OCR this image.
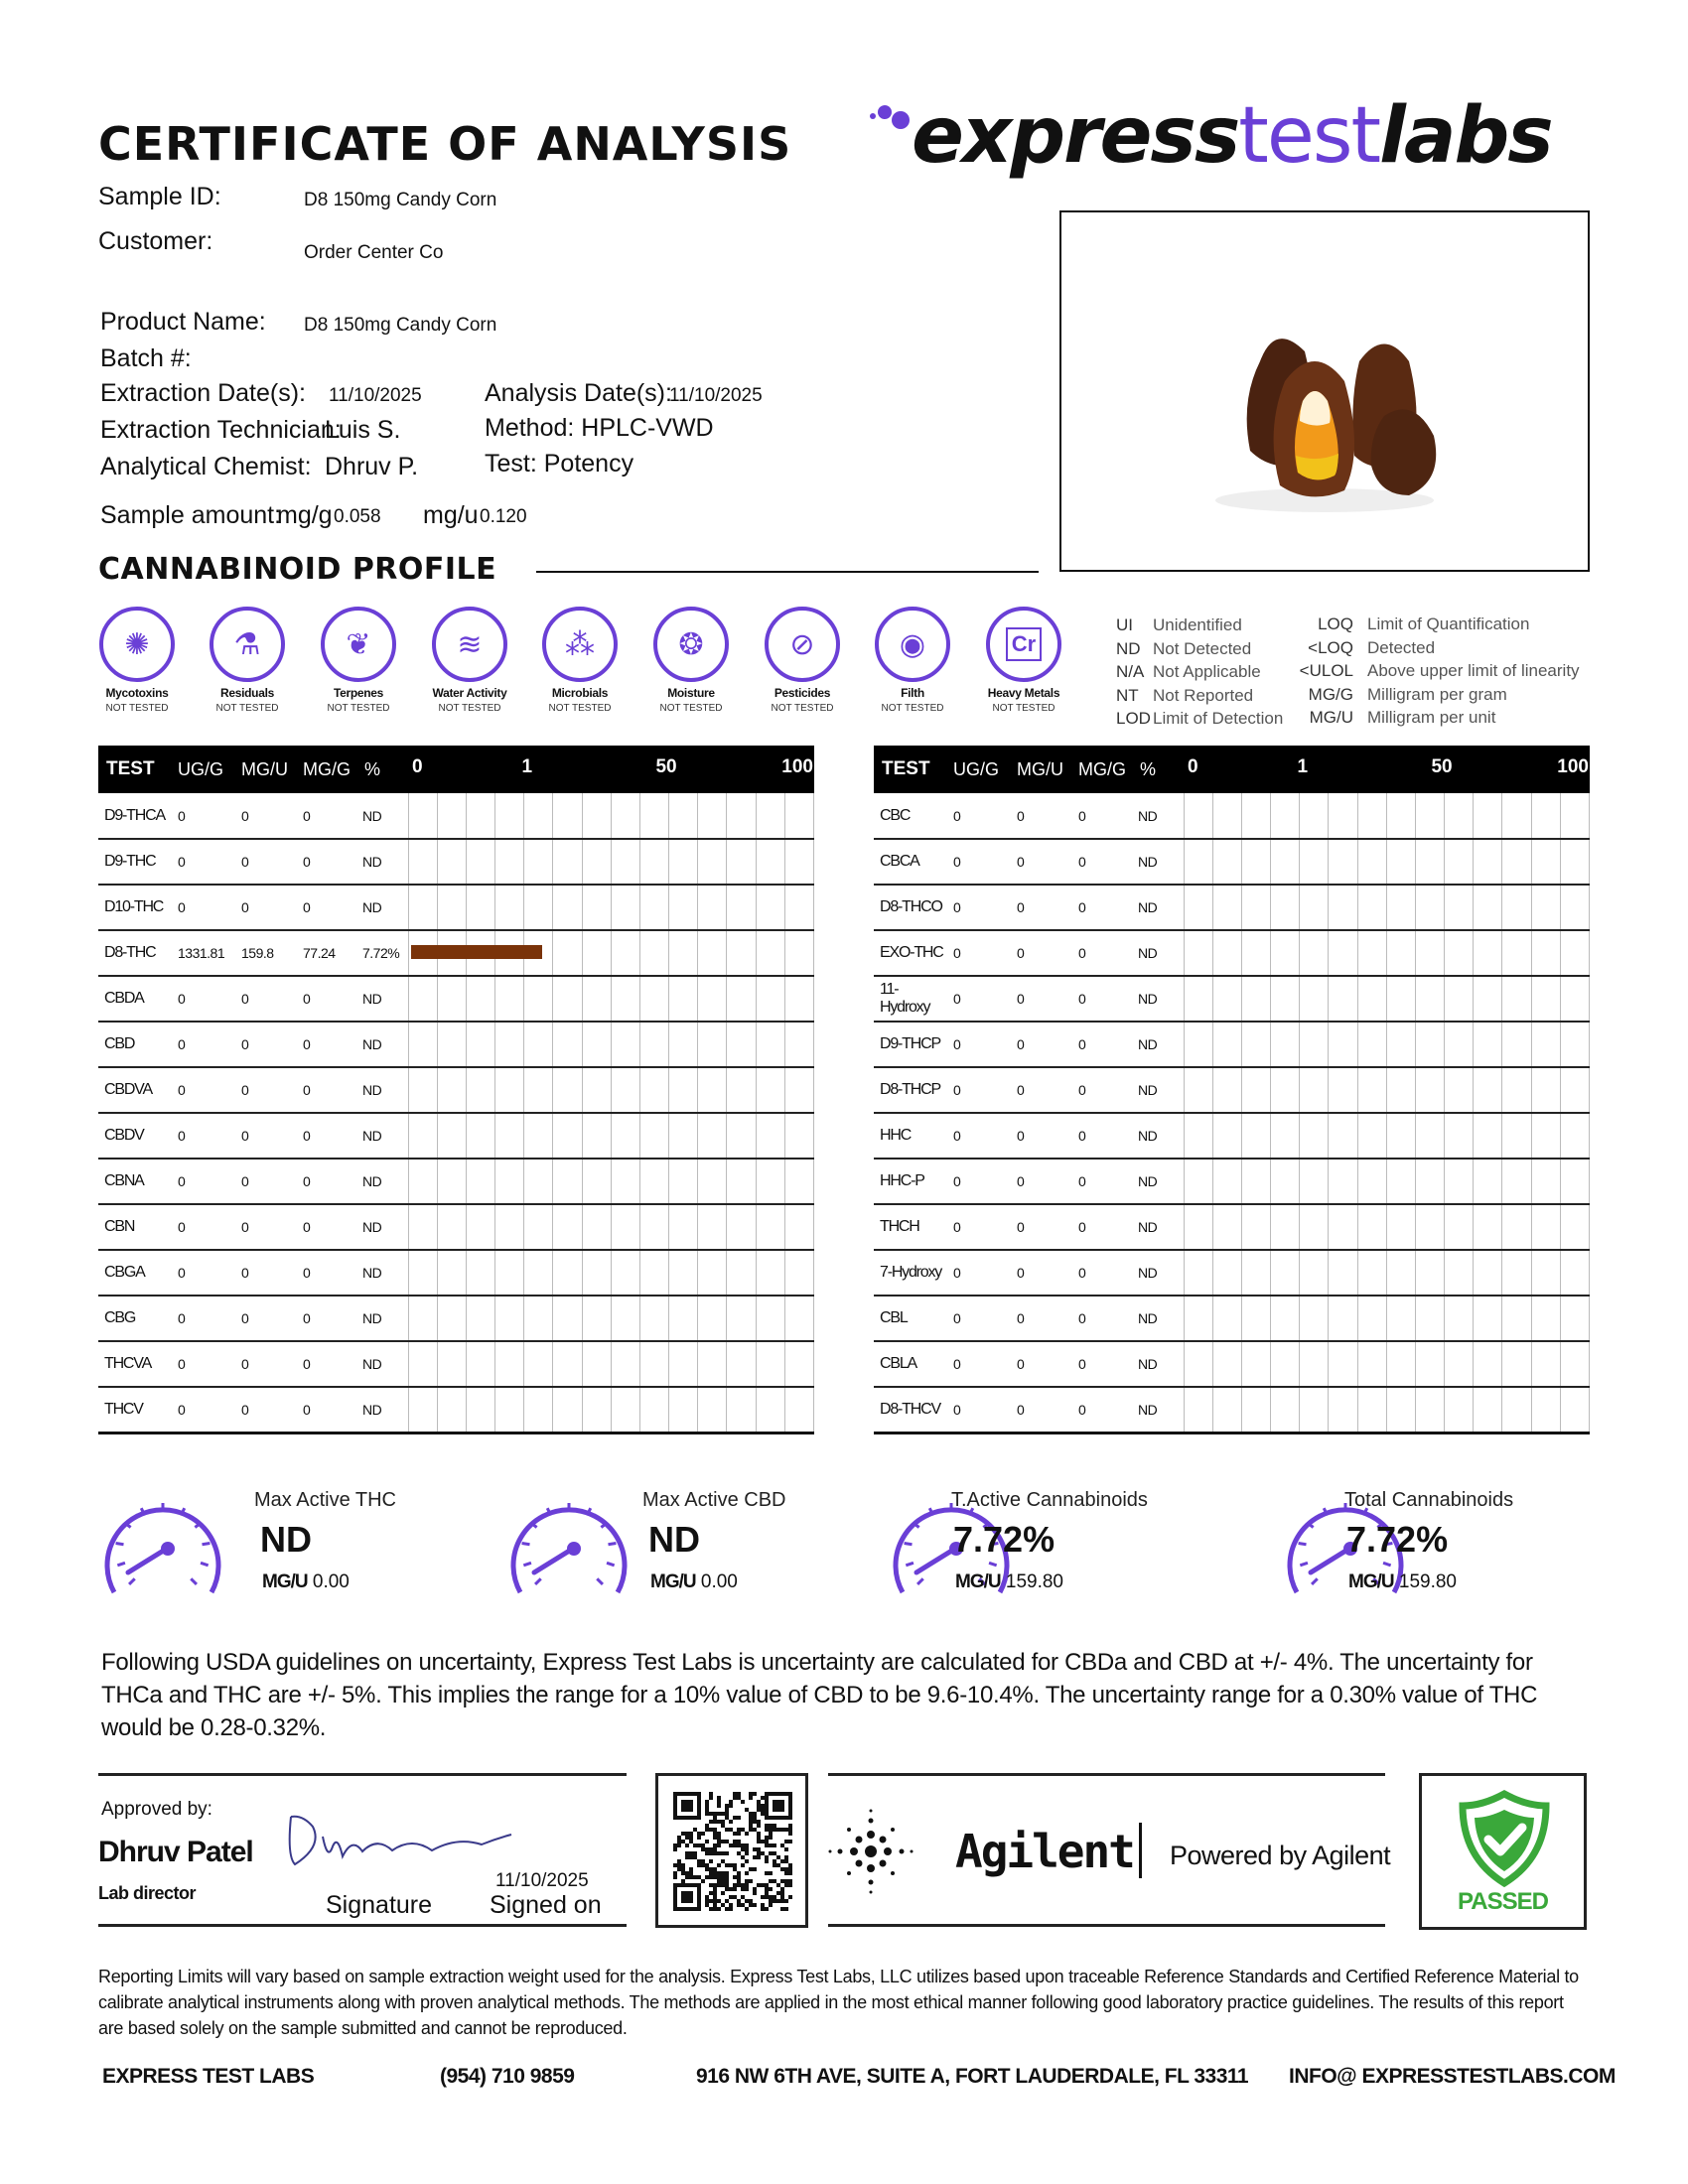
CERTIFICATE OF ANALYSIS expresstestlabs
Sample ID:	D8 150mg Candy Corn
Customer:	Order Center Co
Product Name: D8 150mg Candy Corn
Batch #:
Extraction Date(s): 11/10/2025	Analysis Date(s):
11/10/2025
Extraction Technician:
Luis S.	Method: HPLC-VWD
Analytical Chemist: Dhruv P.	Test: Potency
Sample amount:
mg/g 0.058 mg/u 0.120
CANNABINOID PROFILE
✺
Mycotoxins
NOT TESTED
⚗
Residuals
NOT TESTED
❦
Terpenes
NOT TESTED
≋
Water Activity
NOT TESTED
⁂
Microbials
NOT TESTED
❂
Moisture
NOT TESTED
⊘
Pesticides
NOT TESTED
◉
Filth
NOT TESTED
Cr
Heavy Metals
NOT TESTED
UI Unidentified
ND Not Detected
N/A Not Applicable
NT Not Reported
LOD Limit of Detection
LOQ Limit of Quantification
<LOQ Detected
<ULOL Above upper limit of linearity
MG/G Milligram per gram
MG/U Milligram per unit
TEST	UG/G	MG/U	MG/G	%	0 1 50 100

D9-THCA	0	0	0	ND	

D9-THC	0	0	0	ND	

D10-THC	0	0	0	ND	

D8-THC	1331.81	159.8	77.24	7.72%	

CBDA	0	0	0	ND	

CBD	0	0	0	ND	

CBDVA	0	0	0	ND	

CBDV	0	0	0	ND	

CBNA	0	0	0	ND	

CBN	0	0	0	ND	

CBGA	0	0	0	ND	

CBG	0	0	0	ND	

THCVA	0	0	0	ND	

THCV	0	0	0	ND	
TEST	UG/G	MG/U	MG/G	%	0 1 50 100

CBC	0	0	0	ND	

CBCA	0	0	0	ND	

D8-THCO	0	0	0	ND	

EXO-THC	0	0	0	ND	

11-Hydroxy	0	0	0	ND	

D9-THCP	0	0	0	ND	

D8-THCP	0	0	0	ND	

HHC	0	0	0	ND	

HHC-P	0	0	0	ND	

THCH	0	0	0	ND	

7-Hydroxy	0	0	0	ND	

CBL	0	0	0	ND	

CBLA	0	0	0	ND	

D8-THCV	0	0	0	ND	
Max Active THC
ND
MG/U 0.00
Max Active CBD
ND
MG/U 0.00
T.Active Cannabinoids
7.72%
MG/U 159.80
Total Cannabinoids
7.72%
MG/U 159.80
Following USDA guidelines on uncertainty, Express Test Labs is uncertainty are calculated for CBDa and CBD at +/- 4%. The uncertainty for THCa and THC are +/- 5%. This implies the range for a 10% value of CBD to be 9.6-10.4%. The uncertainty range for a 0.30% value of THC would be 0.28-0.32%.
Approved by:
Dhruv Patel
Lab director	Signature
11/10/2025
Signed on
Agilent Powered by Agilent
PASSED
Reporting Limits will vary based on sample extraction weight used for the analysis. Express Test Labs, LLC utilizes based upon traceable Reference Standards and Certified Reference Material to calibrate analytical instruments along with proven analytical methods. The methods are applied in the most ethical manner following good laboratory practice guidelines. The results of this report are based solely on the sample submitted and cannot be reproduced.
EXPRESS TEST LABS	(954) 710 9859	916 NW 6TH AVE, SUITE A, FORT LAUDERDALE, FL 33311 INFO@ EXPRESSTESTLABS.COM
